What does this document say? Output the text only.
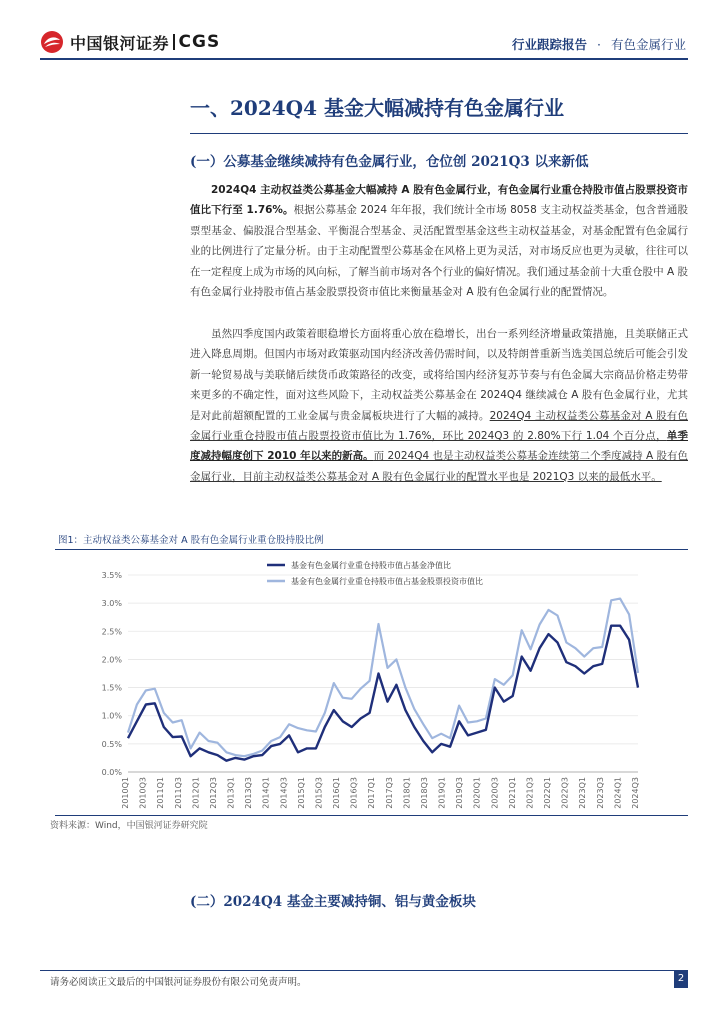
中国银河证券 CGS	行业跟踪报告 · 有色金属行业
一、2024Q4 基金大幅减持有色金属行业
(一）公募基金继续减持有色金属行业，仓位创 2021Q3 以来新低

2024Q4 主动权益类公募基金大幅减持 A 股有色金属行业，有色金属行业重仓持股市值占股票投资市值比下行至 1.76%。根据公募基金 2024 年年报，我们统计全市场 8058 支主动权益类基金，包含普通股票型基金、偏股混合型基金、平衡混合型基金、灵活配置型基金这些主动权益基金，对基金配置有色金属行业的比例进行了定量分析。由于主动配置型公募基金在风格上更为灵活，对市场反应也更为灵敏，往往可以在一定程度上成为市场的风向标，了解当前市场对各个行业的偏好情况。我们通过基金前十大重仓股中 A 股有色金属行业持股市值占基金股票投资市值比来衡量基金对 A 股有色金属行业的配置情况。

虽然四季度国内政策着眼稳增长方面将重心放在稳增长，出台一系列经济增量政策措施，且美联储正式进入降息周期。但国内市场对政策驱动国内经济改善仍需时间，以及特朗普重新当选美国总统后可能会引发新一轮贸易战与美联储后续货币政策路径的改变，或将给国内经济复苏节奏与有色金属大宗商品价格走势带来更多的不确定性，面对这些风险下，主动权益类公募基金在 2024Q4 继续减仓 A 股有色金属行业，尤其是对此前超额配置的工业金属与贵金属板块进行了大幅的减持。2024Q4 主动权益类公募基金对 A 股有色金属行业重仓持股市值占股票投资市值比为 1.76%，环比 2024Q3 的 2.80%下行 1.04 个百分点，单季度减持幅度创下 2010 年以来的新高。而 2024Q4 也是主动权益类公募基金连续第二个季度减持 A 股有色金属行业，目前主动权益类公募基金对 A 股有色金属行业的配置水平也是 2021Q3 以来的最低水平。

图1：主动权益类公募基金对 A 股有色金属行业重仓股持股比例
0.0%
0.5%
1.0%
1.5%
2.0%
2.5%
3.0%
3.5%
2010Q1 2010Q3 2011Q1 2011Q3 2012Q1 2012Q3 2013Q1 2013Q3 2014Q1 2014Q3 2015Q1 2015Q3 2016Q1 2016Q3 2017Q1 2017Q3 2018Q1 2018Q3 2019Q1 2019Q3 2020Q1 2020Q3 2021Q1 2021Q3 2022Q1 2022Q3 2023Q1 2023Q3 2024Q1 2024Q3
基金有色金属行业重仓持股市值占基金净值比
基金有色金属行业重仓持股市值占基金股票投资市值比
资料来源：Wind，中国银河证券研究院
(二）2024Q4 基金主要减持铜、铝与黄金板块
请务必阅读正文最后的中国银河证券股份有限公司免责声明。	2
